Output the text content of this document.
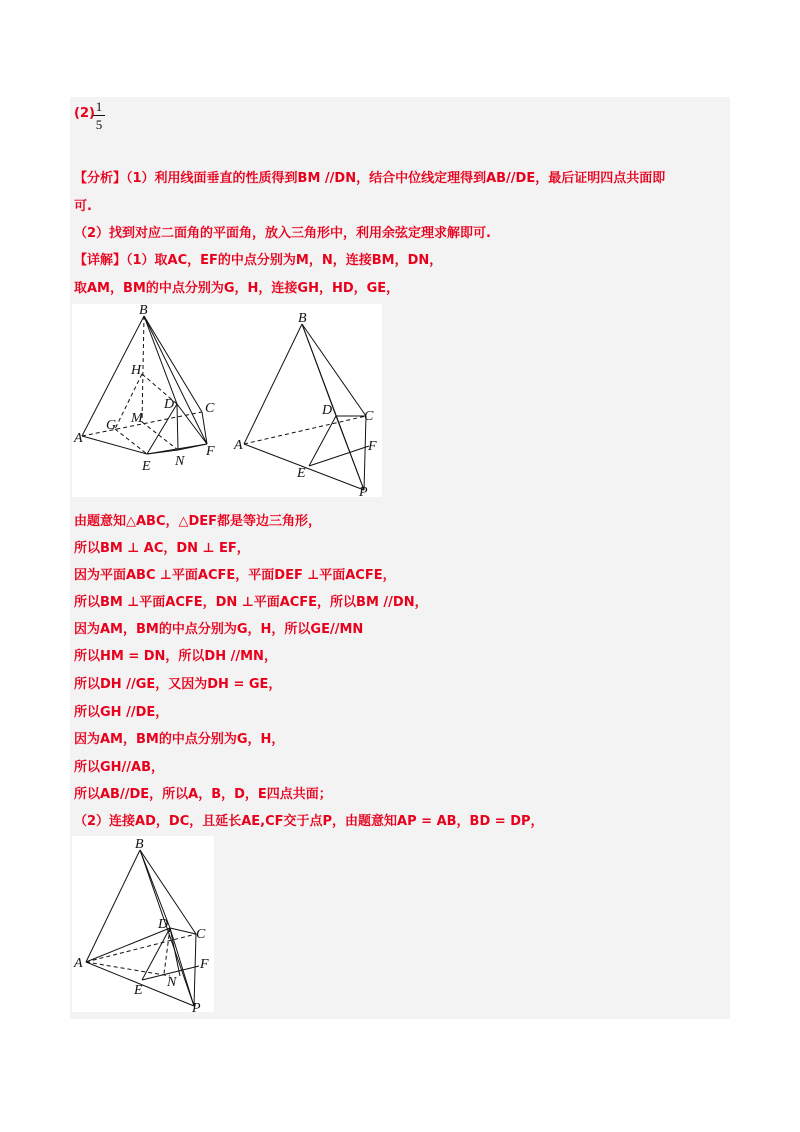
(2) 1
5
【分析】（1）利用线面垂直的性质得到BM //DN，结合中位线定理得到AB//DE，最后证明四点共面即
可.
（2）找到对应二面角的平面角，放入三角形中，利用余弦定理求解即可.
【详解】（1）取AC，EF的中点分别为M，N，连接BM，DN，
取AM，BM的中点分别为G，H，连接GH，HD，GE，
B
H
M
D C
A
G
E N
F
B
D C
A	F
E
P
由题意知△ABC，△DEF都是等边三角形，
所以BM ⊥ AC，DN ⊥ EF，
因为平面ABC ⊥平面ACFE，平面DEF ⊥平面ACFE，
所以BM ⊥平面ACFE，DN ⊥平面ACFE，所以BM //DN，
因为AM，BM的中点分别为G，H，所以GE//MN
所以HM = DN，所以DH //MN，
所以DH //GE，又因为DH = GE，
所以GH //DE，
因为AM，BM的中点分别为G，H，
所以GH//AB，
所以AB//DE，所以A，B，D，E四点共面；
（2）连接AD，DC，且延长AE,CF交于点P，由题意知AP = AB，BD = DP，
B
D
C
A	F
E
N
P
